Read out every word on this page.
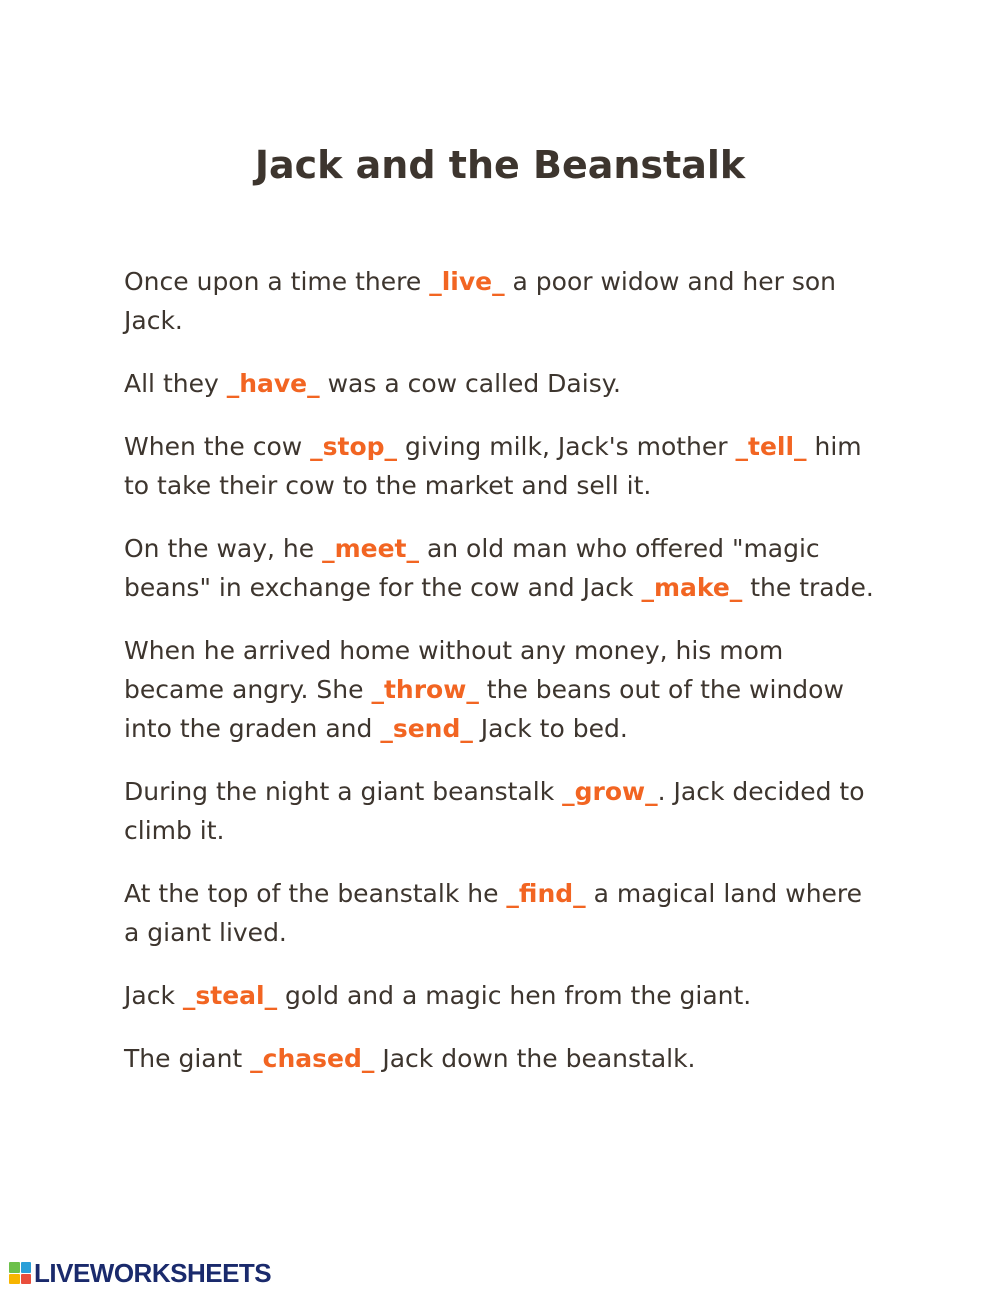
Jack and the Beanstalk

Once upon a time there _live_ a poor widow and her son Jack.

All they _have_ was a cow called Daisy.

When the cow _stop_ giving milk, Jack's mother _tell_ him to take their cow to the market and sell it.

On the way, he _meet_ an old man who offered "magic beans" in exchange for the cow and Jack _make_ the trade.

When he arrived home without any money, his mom became angry. She _throw_ the beans out of the window into the graden and _send_ Jack to bed.

During the night a giant beanstalk _grow_. Jack decided to climb it.

At the top of the beanstalk he _find_ a magical land where a giant lived.

Jack _steal_ gold and a magic hen from the giant.

The giant _chased_ Jack down the beanstalk.

LIVEWORKSHEETS
